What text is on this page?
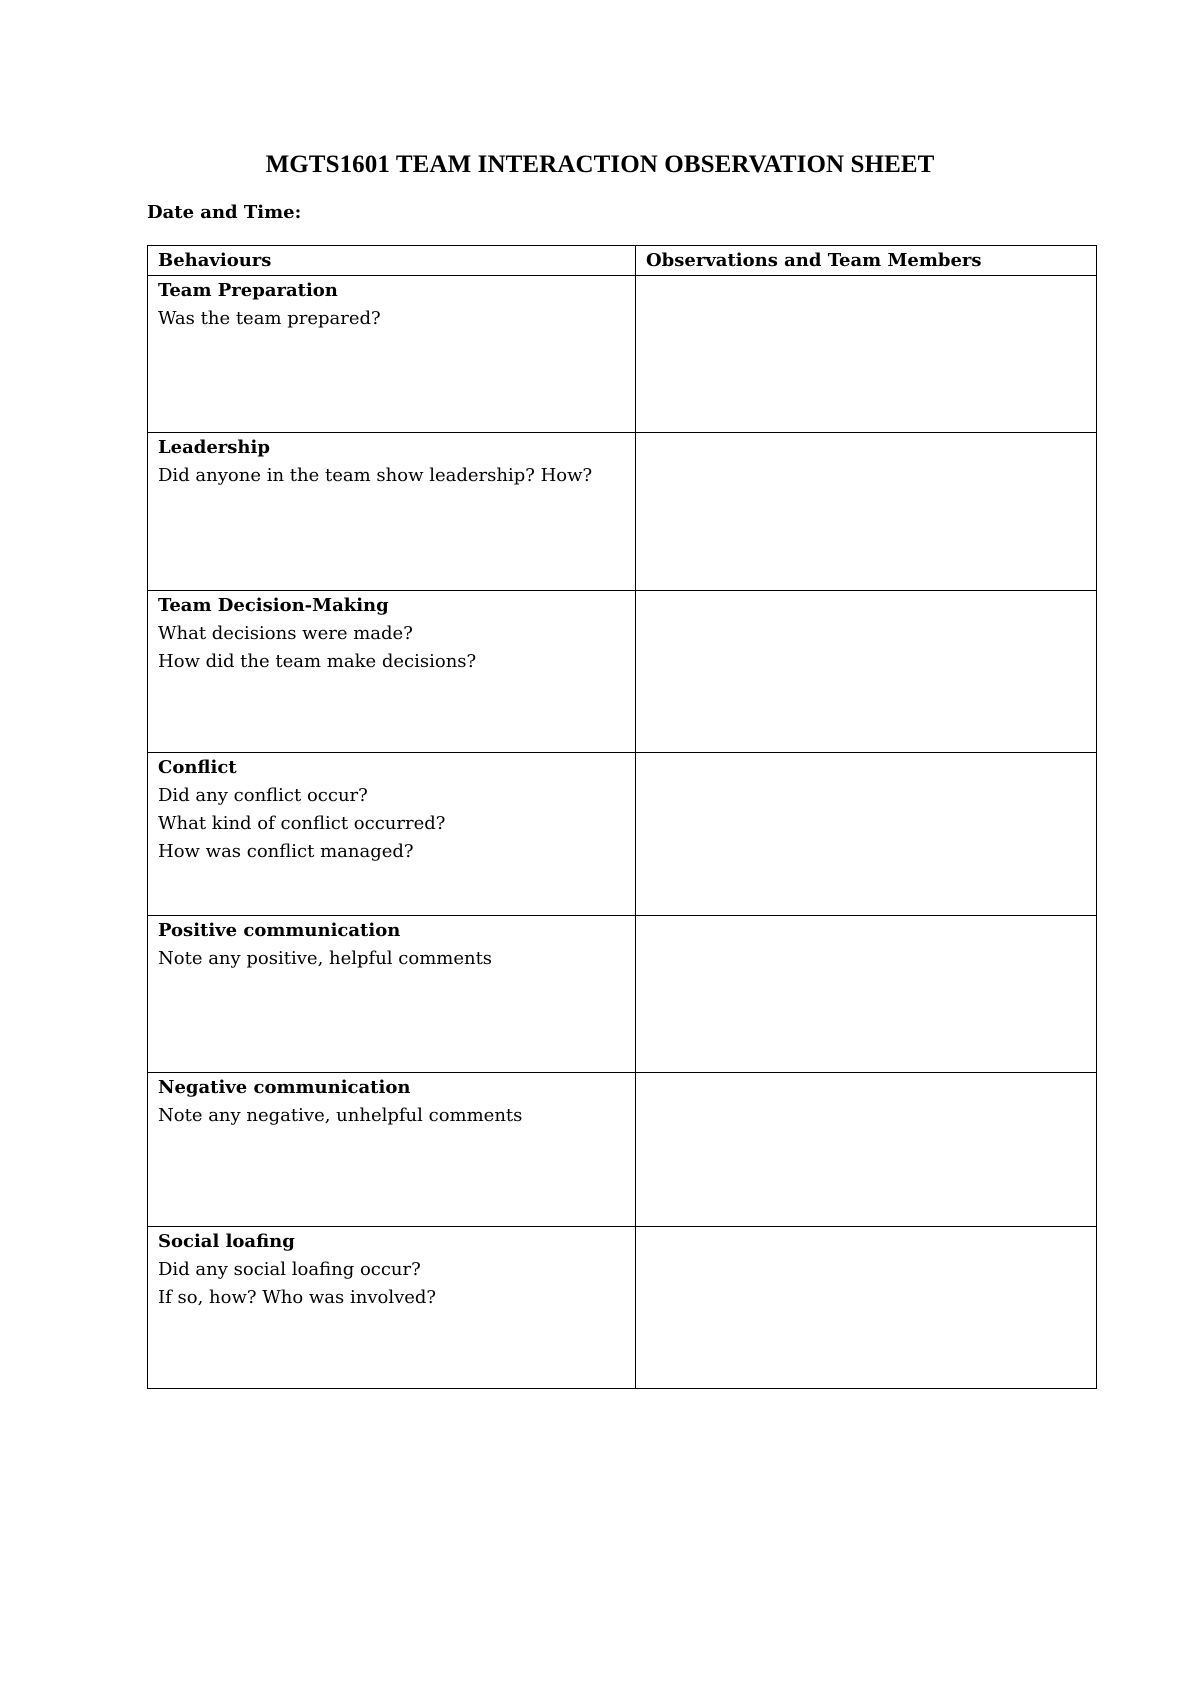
MGTS1601 TEAM INTERACTION OBSERVATION SHEET
Date and Time:
Behaviours	Observations and Team Members

Team Preparation
Was the team prepared?	

Leadership
Did anyone in the team show leadership? How?	

Team Decision-Making
What decisions were made?
How did the team make decisions?	

Conflict
Did any conflict occur?
What kind of conflict occurred?
How was conflict managed?	

Positive communication
Note any positive, helpful comments	

Negative communication
Note any negative, unhelpful comments	

Social loafing
Did any social loafing occur?
If so, how? Who was involved?	
